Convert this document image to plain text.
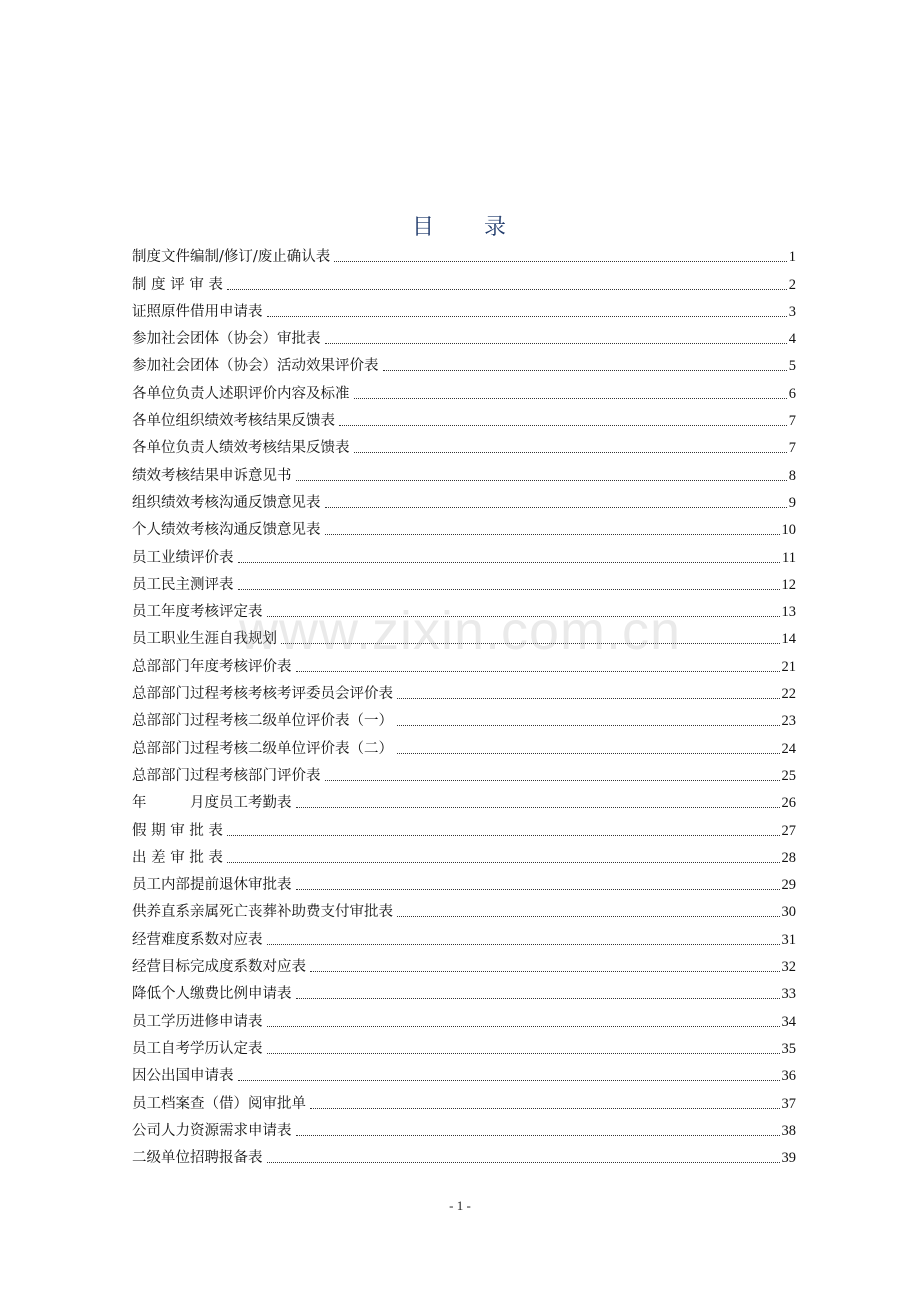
目　　录
制度文件编制/修订/废止确认表	1
制 度 评 审 表	2
证照原件借用申请表	3
参加社会团体（协会）审批表	4
参加社会团体（协会）活动效果评价表	5
各单位负责人述职评价内容及标准	6
各单位组织绩效考核结果反馈表	7
各单位负责人绩效考核结果反馈表	7
绩效考核结果申诉意见书	8
组织绩效考核沟通反馈意见表	9
个人绩效考核沟通反馈意见表	10
员工业绩评价表	11
员工民主测评表	12
员工年度考核评定表	13
员工职业生涯自我规划	14
总部部门年度考核评价表	21
总部部门过程考核考核考评委员会评价表	22
总部部门过程考核二级单位评价表（一）	23
总部部门过程考核二级单位评价表（二）	24
总部部门过程考核部门评价表	25
年　　　月度员工考勤表	26
假 期 审 批 表	27
出 差 审 批 表	28
员工内部提前退休审批表	29
供养直系亲属死亡丧葬补助费支付审批表	30
经营难度系数对应表	31
经营目标完成度系数对应表	32
降低个人缴费比例申请表	33
员工学历进修申请表	34
员工自考学历认定表	35
因公出国申请表	36
员工档案查（借）阅审批单	37
公司人力资源需求申请表	38
二级单位招聘报备表	39
www.zixin.com.cn
- 1 -
